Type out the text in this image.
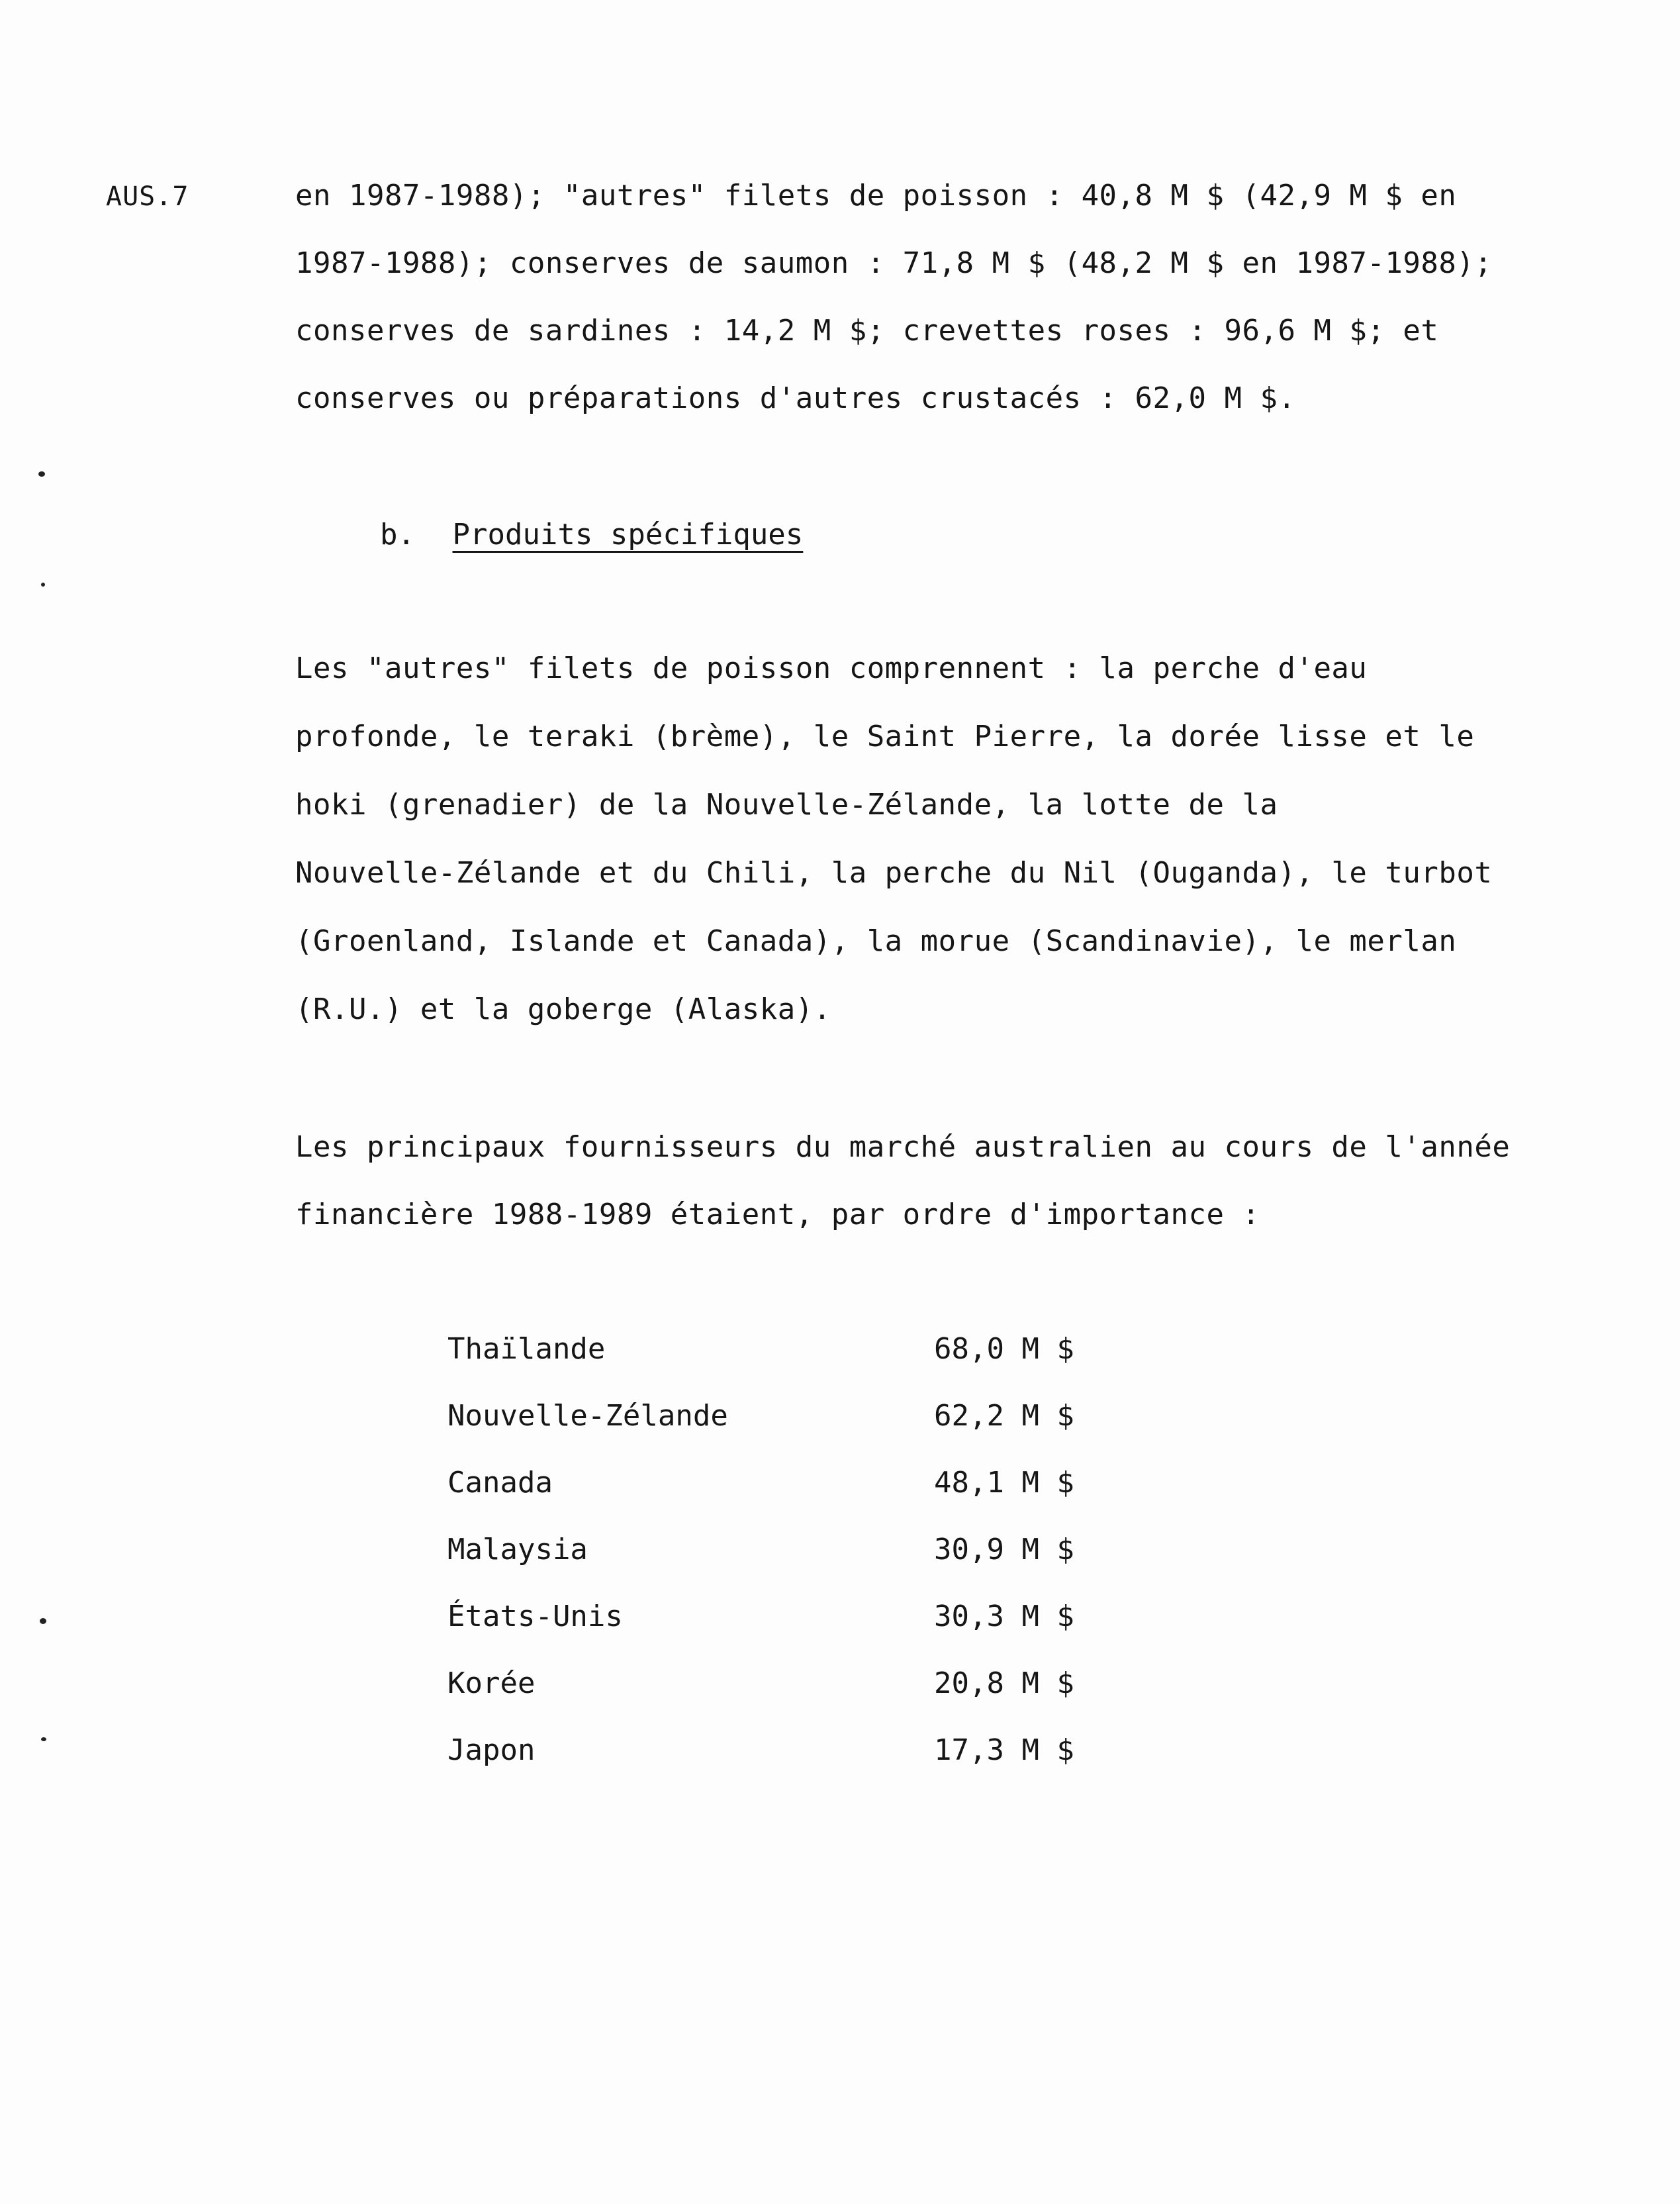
AUS.7	en 1987-1988); "autres" filets de poisson : 40,8 M $ (42,9 M $ en
1987-1988); conserves de saumon : 71,8 M $ (48,2 M $ en 1987-1988);
conserves de sardines : 14,2 M $; crevettes roses : 96,6 M $; et
conserves ou préparations d'autres crustacés : 62,0 M $.
b. Produits spécifiques
Les "autres" filets de poisson comprennent : la perche d'eau
profonde, le teraki (brème), le Saint Pierre, la dorée lisse et le
hoki (grenadier) de la Nouvelle-Zélande, la lotte de la
Nouvelle-Zélande et du Chili, la perche du Nil (Ouganda), le turbot
(Groenland, Islande et Canada), la morue (Scandinavie), le merlan
(R.U.) et la goberge (Alaska).
Les principaux fournisseurs du marché australien au cours de l'année
financière 1988-1989 étaient, par ordre d'importance :
Thaïlande	68,0 M $
Nouvelle-Zélande	62,2 M $
Canada	48,1 M $
Malaysia	30,9 M $
États-Unis	30,3 M $
Korée	20,8 M $
Japon	17,3 M $
